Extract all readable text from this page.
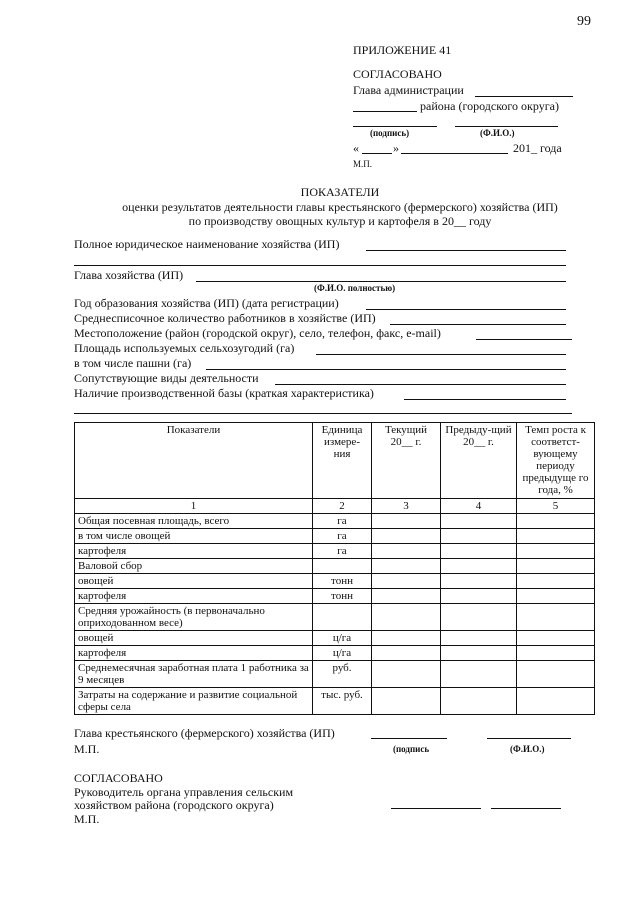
99
ПРИЛОЖЕНИЕ 41
СОГЛАСОВАНО
Глава администрации
района (городского округа)
(подпись)	(Ф.И.О.)
«	»	201_ года
М.П.
ПОКАЗАТЕЛИ
оценки результатов деятельности главы крестьянского (фермерского) хозяйства (ИП)
по производству овощных культур и картофеля в 20__ году
Полное юридическое наименование хозяйства (ИП)
Глава хозяйства (ИП)
(Ф.И.О. полностью)
Год образования хозяйства (ИП) (дата регистрации)
Среднесписочное количество работников в хозяйстве (ИП)
Местоположение (район (городской округ), село, телефон, факс, e-mail)
Площадь используемых сельхозугодий (га)
в том числе пашни (га)
Сопутствующие виды деятельности
Наличие производственной базы (краткая характеристика)
Показатели	Единица измере-ния	Текущий 20__ г.	Предыду-щий 20__ г.	Темп роста к соответст-вующему периоду предыдуще го года, %
1	2	3	4	5
Общая посевная площадь, всего	га			
в том числе овощей	га			
картофеля	га			
Валовой сбор				
овощей	тонн			
картофеля	тонн			
Средняя урожайность (в первоначально оприходованном весе)				
овощей	ц/га			
картофеля	ц/га			
Среднемесячная заработная плата 1 работника за 9 месяцев	руб.			
Затраты на содержание и развитие социальной сферы села	тыс. руб.			
Глава крестьянского (фермерского) хозяйства (ИП)
М.П.	(подпись	(Ф.И.О.)
СОГЛАСОВАНО
Руководитель органа управления сельским
хозяйством района (городского округа)
М.П.
